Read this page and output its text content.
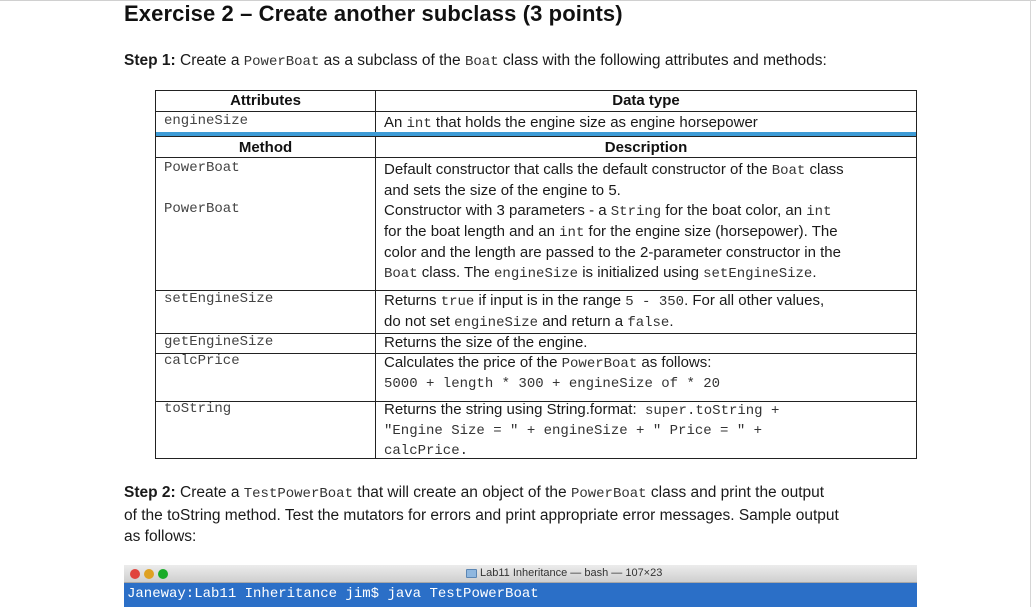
Exercise 2 – Create another subclass (3 points)
Step 1: Create a PowerBoat as a subclass of the Boat class with the following attributes and methods:
Attributes	Data type
engineSize	An int that holds the engine size as engine horsepower
Method	Description
PowerBoat	Default constructor that calls the default constructor of the Boat class
and sets the size of the engine to 5.
PowerBoat	Constructor with 3 parameters - a String for the boat color, an int
for the boat length and an int for the engine size (horsepower). The
color and the length are passed to the 2-parameter constructor in the
Boat class. The engineSize is initialized using setEngineSize.
setEngineSize	Returns true if input is in the range 5 - 350. For all other values,
do not set engineSize and return a false.
getEngineSize	Returns the size of the engine.
calcPrice	Calculates the price of the PowerBoat as follows:
5000 + length * 300 + engineSize of * 20
toString	Returns the string using String.format:  super.toString +
"Engine Size = " + engineSize + " Price = " +
calcPrice.
Step 2: Create a TestPowerBoat that will create an object of the PowerBoat class and print the output
of the toString method. Test the mutators for errors and print appropriate error messages. Sample output
as follows:
Lab11 Inheritance — bash — 107×23
Janeway:Lab11 Inheritance jim$ java TestPowerBoat
